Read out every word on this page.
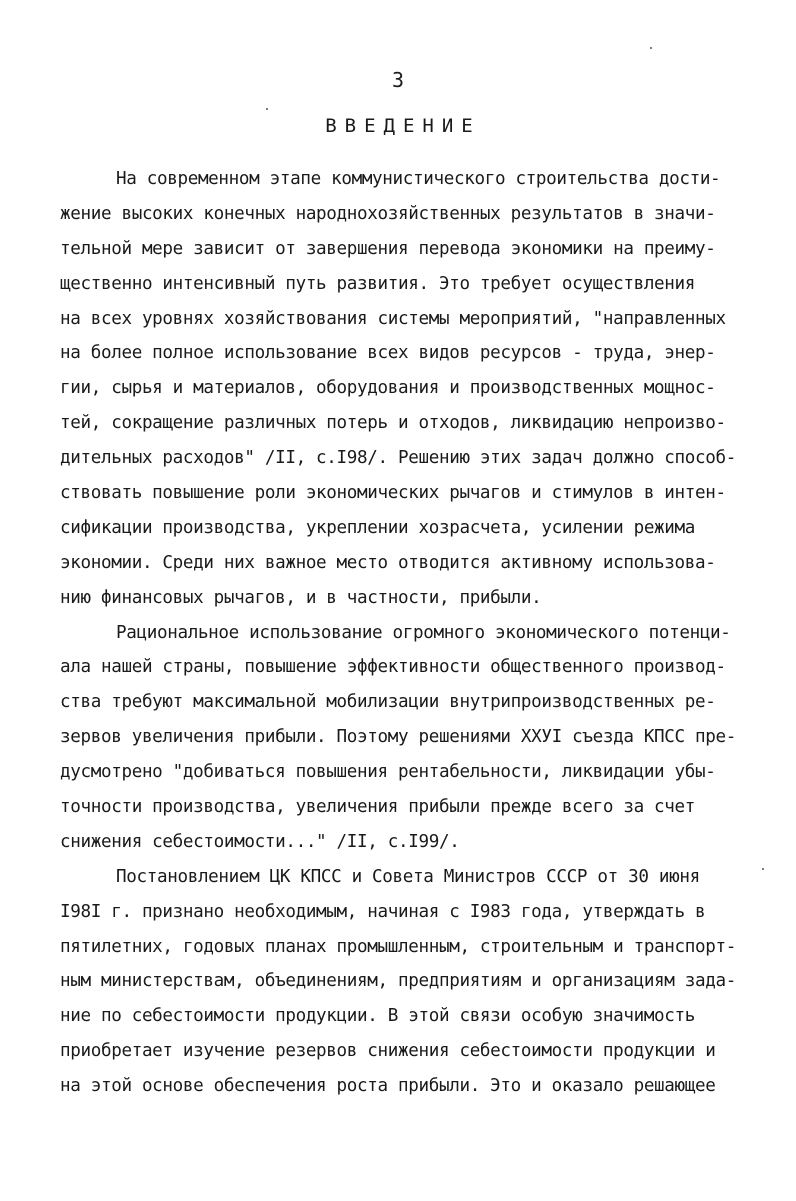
3
ВВЕДЕНИЕ
На современном этапе коммунистического строительства дости-
жение высоких конечных народнохозяйственных результатов в значи-
тельной мере зависит от завершения перевода экономики на преиму-
щественно интенсивный путь развития. Это требует осуществления
на всех уровнях хозяйствования системы мероприятий, "направленных
на более полное использование всех видов ресурсов - труда, энер-
гии, сырья и материалов, оборудования и производственных мощнос-
тей, сокращение различных потерь и отходов, ликвидацию непроизво-
дительных расходов" /II, с.I98/. Решению этих задач должно способ-
ствовать повышение роли экономических рычагов и стимулов в интен-
сификации производства, укреплении хозрасчета, усилении режима
экономии. Среди них важное место отводится активному использова-
нию финансовых рычагов, и в частности, прибыли.
Рациональное использование огромного экономического потенци-
ала нашей страны, повышение эффективности общественного производ-
ства требуют максимальной мобилизации внутрипроизводственных ре-
зервов увеличения прибыли. Поэтому решениями XXУI съезда КПСС пре-
дусмотрено "добиваться повышения рентабельности, ликвидации убы-
точности производства, увеличения прибыли прежде всего за счет
снижения себестоимости..." /II, с.I99/.
Постановлением ЦК КПСС и Совета Министров СССР от 30 июня
I98I г. признано необходимым, начиная с I983 года, утверждать в
пятилетних, годовых планах промышленным, строительным и транспорт-
ным министерствам, объединениям, предприятиям и организациям зада-
ние по себестоимости продукции. В этой связи особую значимость
приобретает изучение резервов снижения себестоимости продукции и
на этой основе обеспечения роста прибыли. Это и оказало решающее
